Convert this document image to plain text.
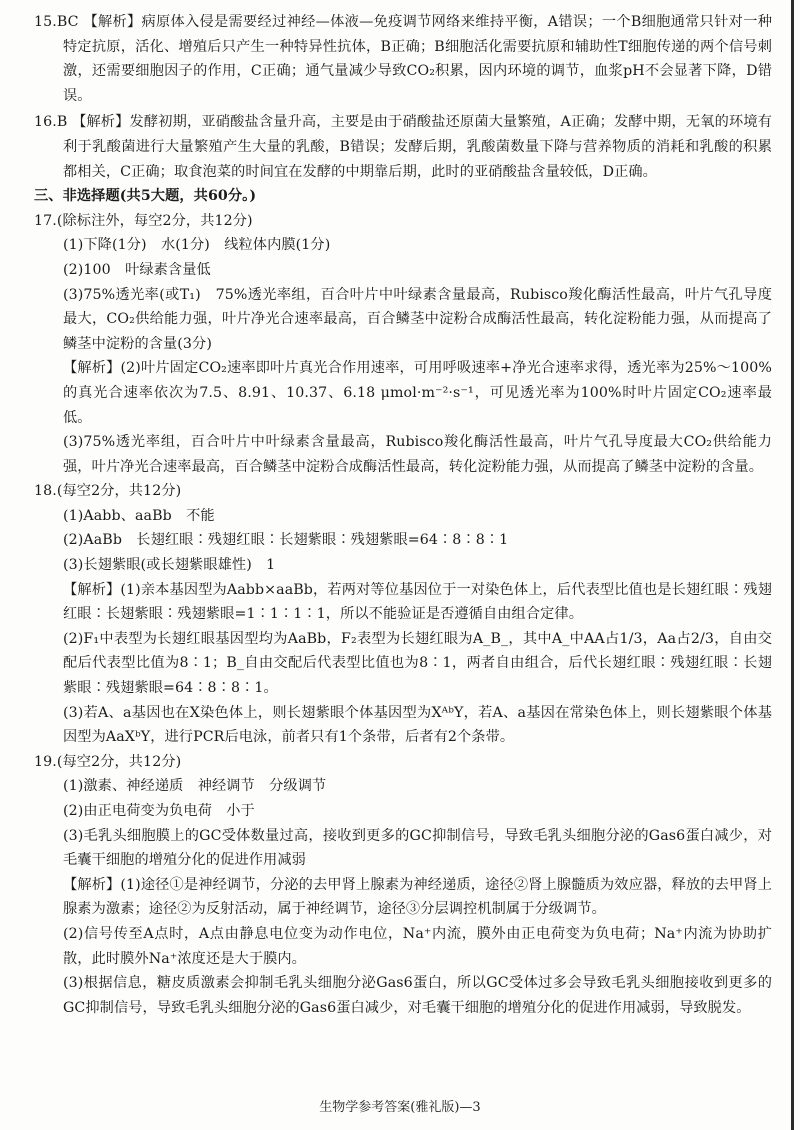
15.BC 【解析】病原体入侵是需要经过神经—体液—免疫调节网络来维持平衡，A错误；一个B细胞通常只针对一种特定抗原，活化、增殖后只产生一种特异性抗体，B正确；B细胞活化需要抗原和辅助性T细胞传递的两个信号刺激，还需要细胞因子的作用，C正确；通气量减少导致CO₂积累，因内环境的调节，血浆pH不会显著下降，D错误。

16.B 【解析】发酵初期，亚硝酸盐含量升高，主要是由于硝酸盐还原菌大量繁殖，A正确；发酵中期，无氧的环境有利于乳酸菌进行大量繁殖产生大量的乳酸，B错误；发酵后期，乳酸菌数量下降与营养物质的消耗和乳酸的积累都相关，C正确；取食泡菜的时间宜在发酵的中期靠后期，此时的亚硝酸盐含量较低，D正确。

三、非选择题(共5大题，共60分。)

17.(除标注外，每空2分，共12分)

(1)下降(1分)　水(1分)　线粒体内膜(1分)

(2)100　叶绿素含量低

(3)75%透光率(或T₁)　75%透光率组，百合叶片中叶绿素含量最高，Rubisco羧化酶活性最高，叶片气孔导度最大，CO₂供给能力强，叶片净光合速率最高，百合鳞茎中淀粉合成酶活性最高，转化淀粉能力强，从而提高了鳞茎中淀粉的含量(3分)

【解析】(2)叶片固定CO₂速率即叶片真光合作用速率，可用呼吸速率+净光合速率求得，透光率为25%～100%的真光合速率依次为7.5、8.91、10.37、6.18 μmol·m⁻²·s⁻¹，可见透光率为100%时叶片固定CO₂速率最低。

(3)75%透光率组，百合叶片中叶绿素含量最高，Rubisco羧化酶活性最高，叶片气孔导度最大CO₂供给能力强，叶片净光合速率最高，百合鳞茎中淀粉合成酶活性最高，转化淀粉能力强，从而提高了鳞茎中淀粉的含量。

18.(每空2分，共12分)

(1)Aabb、aaBb　不能

(2)AaBb　长翅红眼∶残翅红眼∶长翅紫眼∶残翅紫眼=64∶8∶8∶1

(3)长翅紫眼(或长翅紫眼雄性)　1

【解析】(1)亲本基因型为Aabb×aaBb，若两对等位基因位于一对染色体上，后代表型比值也是长翅红眼∶残翅红眼∶长翅紫眼∶残翅紫眼=1∶1∶1∶1，所以不能验证是否遵循自由组合定律。

(2)F₁中表型为长翅红眼基因型均为AaBb，F₂表型为长翅红眼为A_B_，其中A_中AA占1/3，Aa占2/3，自由交配后代表型比值为8∶1；B_自由交配后代表型比值也为8∶1，两者自由组合，后代长翅红眼∶残翅红眼∶长翅紫眼∶残翅紫眼=64∶8∶8∶1。

(3)若A、a基因也在X染色体上，则长翅紫眼个体基因型为XᴬᵇY，若A、a基因在常染色体上，则长翅紫眼个体基因型为AaXᵇY，进行PCR后电泳，前者只有1个条带，后者有2个条带。

19.(每空2分，共12分)

(1)激素、神经递质　神经调节　分级调节

(2)由正电荷变为负电荷　小于

(3)毛乳头细胞膜上的GC受体数量过高，接收到更多的GC抑制信号，导致毛乳头细胞分泌的Gas6蛋白减少，对毛囊干细胞的增殖分化的促进作用减弱

【解析】(1)途径①是神经调节，分泌的去甲肾上腺素为神经递质，途径②肾上腺髓质为效应器，释放的去甲肾上腺素为激素；途径②为反射活动，属于神经调节，途径③分层调控机制属于分级调节。

(2)信号传至A点时，A点由静息电位变为动作电位，Na⁺内流，膜外由正电荷变为负电荷；Na⁺内流为协助扩散，此时膜外Na⁺浓度还是大于膜内。

(3)根据信息，糖皮质激素会抑制毛乳头细胞分泌Gas6蛋白，所以GC受体过多会导致毛乳头细胞接收到更多的GC抑制信号，导致毛乳头细胞分泌的Gas6蛋白减少，对毛囊干细胞的增殖分化的促进作用减弱，导致脱发。

生物学参考答案(雅礼版)—3
